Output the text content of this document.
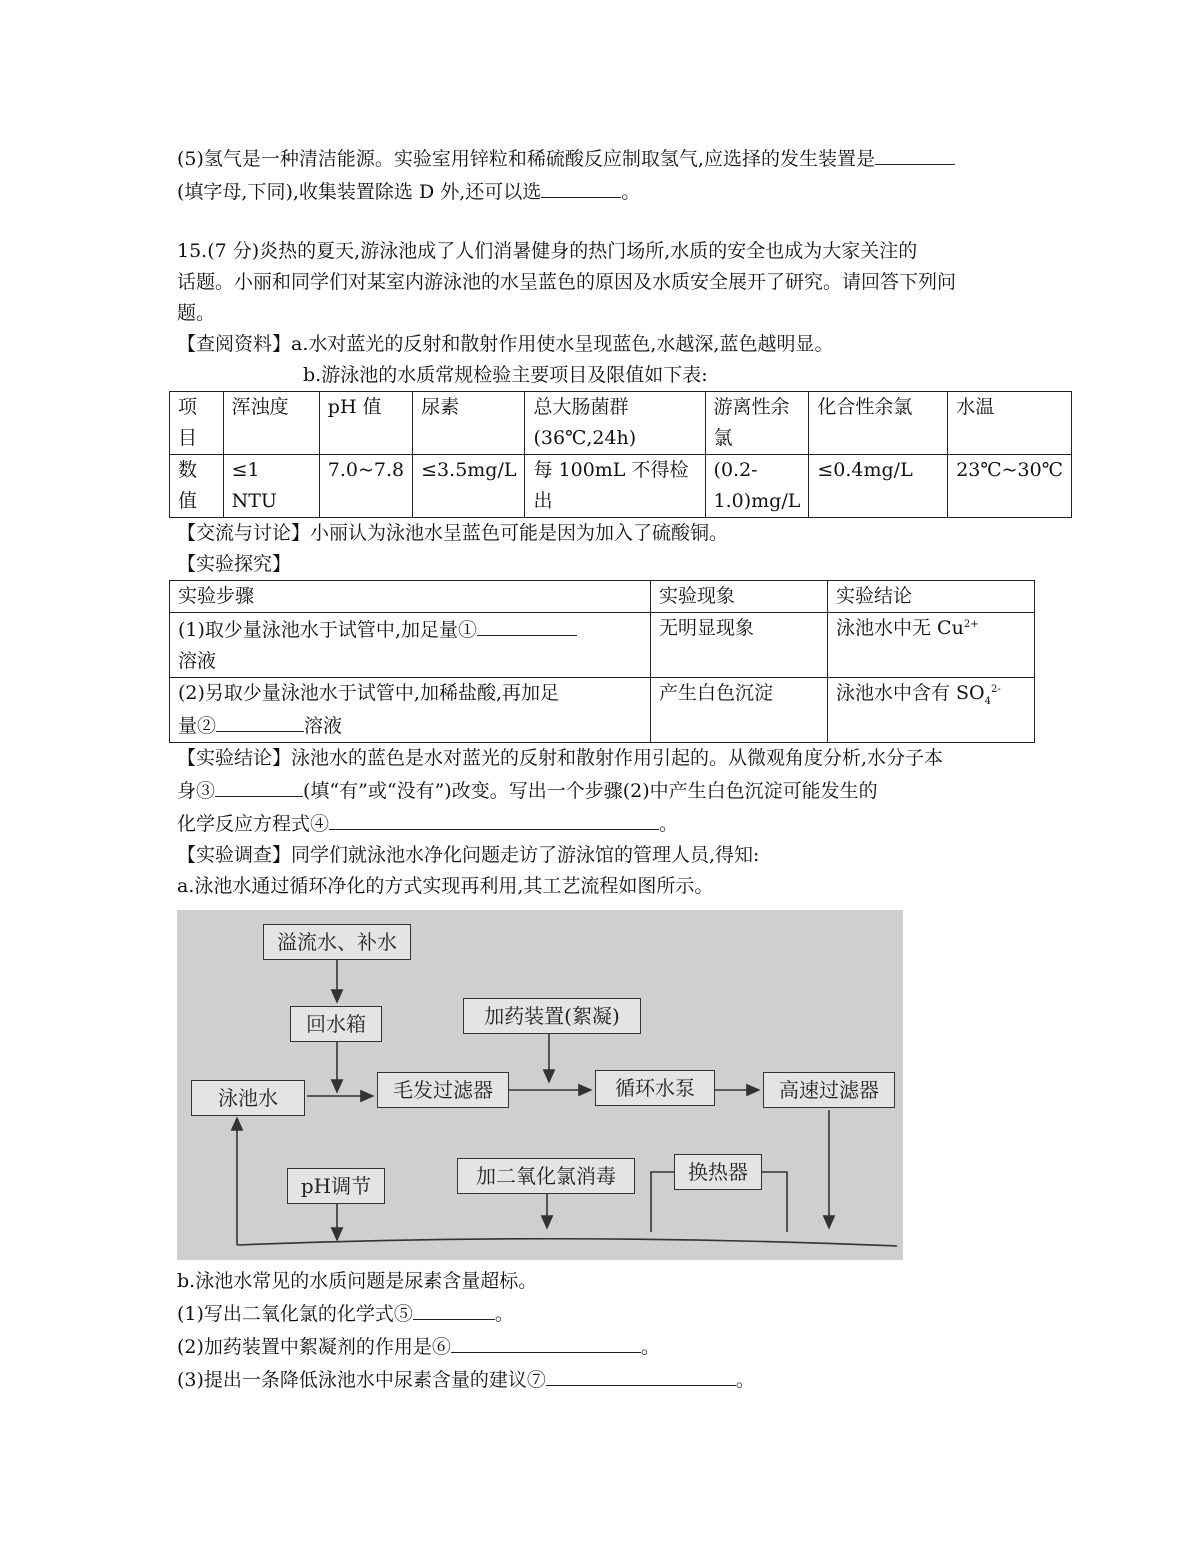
(5)氢气是一种清洁能源。实验室用锌粒和稀硫酸反应制取氢气,应选择的发生装置是

(填字母,下同),收集装置除选 D 外,还可以选	。

15.(7 分)炎热的夏天,游泳池成了人们消暑健身的热门场所,水质的安全也成为大家关注的

话题。小丽和同学们对某室内游泳池的水呈蓝色的原因及水质安全展开了研究。请回答下列问

题。

【查阅资料】a.水对蓝光的反射和散射作用使水呈现蓝色,水越深,蓝色越明显。

b.游泳池的水质常规检验主要项目及限值如下表:

项目	浑浊度	pH 值	尿素	总大肠菌群(36℃,24h)	游离性余氯	化合性余氯	水温
数值	≤1 NTU	7.0~7.8	≤3.5mg/L	每 100mL 不得检出	(0.2-1.0)mg/L	≤0.4mg/L	23℃~30℃

【交流与讨论】小丽认为泳池水呈蓝色可能是因为加入了硫酸铜。

【实验探究】

实验步骤	实验现象	实验结论
(1)取少量泳池水于试管中,加足量①
溶液	无明显现象	泳池水中无 $Cu^{2+}$
(2)另取少量泳池水于试管中,加稀盐酸,再加足
量② 溶液	产生白色沉淀	泳池水中含有 $SO_4^{2-}$

【实验结论】泳池水的蓝色是水对蓝光的反射和散射作用引起的。从微观角度分析,水分子本

身③	(填“有”或“没有”)改变。写出一个步骤(2)中产生白色沉淀可能发生的

化学反应方程式④	。

【实验调查】同学们就泳池水净化问题走访了游泳馆的管理人员,得知:

a.泳池水通过循环净化的方式实现再利用,其工艺流程如图所示。

溢流水、补水
回水箱	加药装置(絮凝)
泳池水	毛发过滤器	循环水泵	高速过滤器
pH调节	加二氧化氯消毒	换热器

b.泳池水常见的水质问题是尿素含量超标。

(1)写出二氧化氯的化学式⑤	。

(2)加药装置中絮凝剂的作用是⑥	。

(3)提出一条降低泳池水中尿素含量的建议⑦	。
